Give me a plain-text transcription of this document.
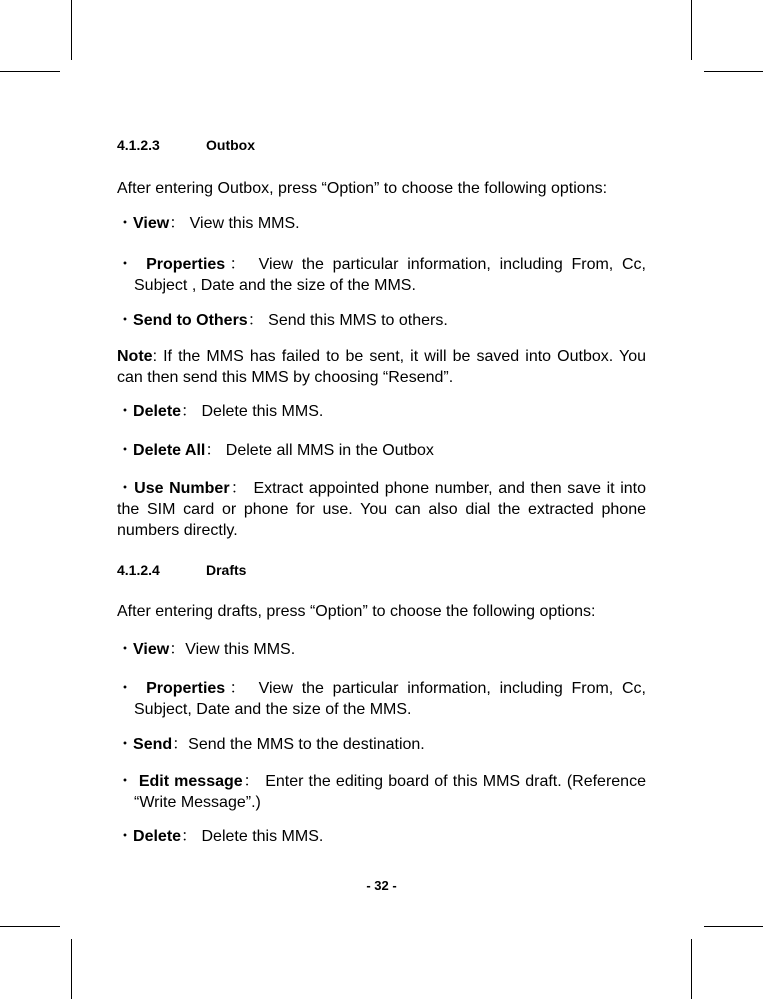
4.1.2.3	Outbox
After entering Outbox, press “Option” to choose the following options:
・View： View this MMS.
・ Properties： View the particular information, including From, Cc, Subject , Date and the size of the MMS.
・Send to Others： Send this MMS to others.
Note: If the MMS has failed to be sent, it will be saved into Outbox. You can then send this MMS by choosing “Resend”.
・Delete： Delete this MMS.
・Delete All： Delete all MMS in the Outbox
・Use Number： Extract appointed phone number, and then save it into the SIM card or phone for use. You can also dial the extracted phone numbers directly.
4.1.2.4	Drafts
After entering drafts, press “Option” to choose the following options:
・View：View this MMS.
・ Properties： View the particular information, including From, Cc, Subject, Date and the size of the MMS.
・Send：Send the MMS to the destination.
・ Edit message： Enter the editing board of this MMS draft. (Reference “Write Message”.)
・Delete： Delete this MMS.
- 32 -
